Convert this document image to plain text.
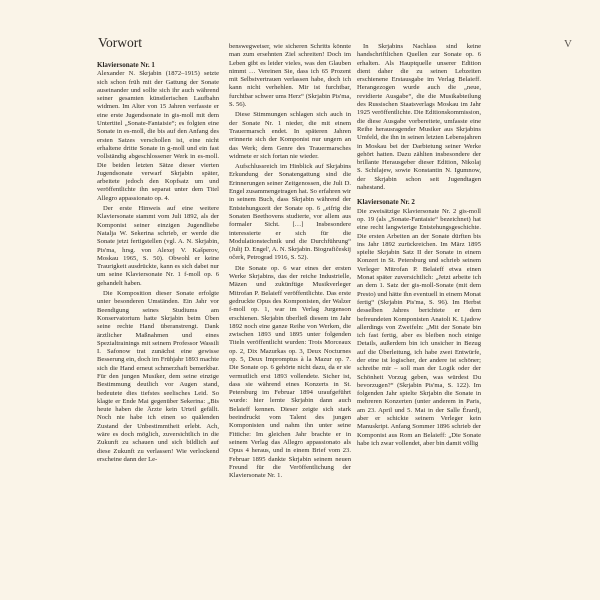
V
Vorwort
Klaviersonate Nr. 1

Alexander N. Skrjabin (1872–1915) setzte sich schon früh mit der Gattung der Sonate auseinander und sollte sich ihr auch während seiner gesamten künstlerischen Laufbahn widmen. Im Alter von 15 Jahren verfasste er eine erste Jugendsonate in gis-moll mit dem Untertitel „Sonate-Fantaisie“; es folgten eine Sonate in es-moll, die bis auf den Anfang des ersten Satzes verschollen ist, eine nicht erhaltene dritte Sonate in g-moll und ein fast vollständig abgeschlossener Werk in es-moll. Die beiden letzten Sätze dieser vierten Jugendsonate verwarf Skrjabin später, arbeitete jedoch den Kopfsatz um und veröffentlichte ihn separat unter dem Titel Allegro appassionato op. 4.

Der erste Hinweis auf eine weitere Klaviersonate stammt vom Juli 1892, als der Komponist seiner einzigen Jugendliebe Natalja W. Sekerina schrieb, er werde die Sonate jetzt fertigstellen (vgl. A. N. Skrjabin, Pis'ma, hrsg. von Alexej V. Kašperov, Moskau 1965, S. 50). Obwohl er keine Traurigkeit ausdrückte, kann es sich dabei nur um seine Klaviersonate Nr. 1 f-moll op. 6 gehandelt haben.

Die Komposition dieser Sonate erfolgte unter besonderen Umständen. Ein Jahr vor Beendigung seines Studiums am Konservatorium hatte Skrjabin beim Üben seine rechte Hand überanstrengt. Dank ärztlicher Maßnahmen und eines Spezialtrainings mit seinem Professor Wassili I. Safonow trat zunächst eine gewisse Besserung ein, doch im Frühjahr 1893 machte sich die Hand erneut schmerzhaft bemerkbar. Für den jungen Musiker, dem seine einzige Bestimmung deutlich vor Augen stand, bedeutete dies tiefstes seelisches Leid. So klagte er Ende Mai gegenüber Sekerina: „Bis heute haben die Ärzte kein Urteil gefällt. Noch nie habe ich einen so quälenden Zustand der Unbestimmtheit erlebt. Ach, wäre es doch möglich, zuversichtlich in die Zukunft zu schauen und sich bildlich auf diese Zukunft zu verlassen! Wie verlockend erscheine dann der Le-

benswegweiser, wie sicheren Schritts könnte man zum ersehnten Ziel schreiten! Doch im Leben gibt es leider vieles, was den Glauben nimmt … Vereinen Sie, dass ich 65 Prozent mit Selbstvertrauen verlassen habe, doch ich kann nicht verhehlen. Mir ist furchtbar, furchtbar schwer ums Herz“ (Skrjabin Pis'ma, S. 56).

Diese Stimmungen schlagen sich auch in der Sonate Nr. 1 nieder, die mit einem Trauermarsch endet. In späteren Jahren erinnerte sich der Komponist nur ungern an das Werk; dem Genre des Trauermarsches widmete er sich fortan nie wieder.

Aufschlussreich im Hinblick auf Skrjabins Erkundung der Sonatengattung sind die Erinnerungen seiner Zeitgenossen, die Juli D. Engel zusammengetragen hat. So erfahren wir in seinem Buch, dass Skrjabin während der Entstehungszeit der Sonate op. 6 „eifrig die Sonaten Beethovens studierte, vor allem aus formaler Sicht. […] Insbesondere interessierte er sich für die Modulationstechnik und die Durchführung“ (Julij D. Engel', A. N. Skrjabin. Biografičeskij očerk, Petrograd 1916, S. 52).

Die Sonate op. 6 war eines der ersten Werke Skrjabins, das der reiche Industrielle, Mäzen und zukünftige Musikverleger Mitrofan P. Belaieff veröffentlichte. Das erste gedruckte Opus des Komponisten, der Walzer f-moll op. 1, war im Verlag Jurgenson erschienen. Skrjabin überließ diesem im Jahr 1892 noch eine ganze Reihe von Werken, die zwischen 1893 und 1895 unter folgenden Titeln veröffentlicht wurden: Trois Morceaux op. 2, Dix Mazurkas op. 3, Deux Nocturnes op. 5, Deux Impromptus à la Mazur op. 7. Die Sonate op. 6 gehörte nicht dazu, da er sie vermutlich erst 1893 vollendete. Sicher ist, dass sie während eines Konzerts in St. Petersburg im Februar 1894 uraufgeführt wurde: hier lernte Skrjabin dann auch Belaieff kennen. Dieser zeigte sich stark beeindruckt vom Talent des jungen Komponisten und nahm ihn unter seine Fittiche: Im gleichen Jahr brachte er in seinem Verlag das Allegro appassionato als Opus 4 heraus, und in einem Brief vom 23. Februar 1895 dankte Skrjabin seinem neuen Freund für die Veröffentlichung der Klaviersonate Nr. 1.

In Skrjabins Nachlass sind keine handschriftlichen Quellen zur Sonate op. 6 erhalten. Als Hauptquelle unserer Edition dient daher die zu seinen Lebzeiten erschienene Erstausgabe im Verlag Belaieff. Herangezogen wurde auch die „neue, revidierte Ausgabe“, die die Musikabteilung des Russischen Staatsverlags Moskau im Jahr 1925 veröffentlichte. Die Editionskommission, die diese Ausgabe vorbereitete, umfasste eine Reihe herausragender Musiker aus Skrjabins Umfeld, die ihn in seinen letzten Lebensjahren in Moskau bei der Darbietung seiner Werke gehört hatten. Dazu zählten insbesondere der brillante Herausgeber dieser Edition, Nikolaj S. Schilajew, sowie Konstantin N. Igumnow, der Skrjabin schon seit Jugendtagen nahestand.

Klaviersonate Nr. 2

Die zweisätzige Klaviersonate Nr. 2 gis-moll op. 19 (als „Sonate-Fantaisie“ bezeichnet) hat eine recht langwierige Entstehungsgeschichte. Die ersten Arbeiten an der Sonate dürften bis ins Jahr 1892 zurückreichen. Im März 1895 spielte Skrjabin Satz II der Sonate in einem Konzert in St. Petersburg und schrieb seinem Verleger Mitrofan P. Belaieff etwa einen Monat später zuversichtlich: „Jetzt arbeite ich an dem 1. Satz der gis-moll-Sonate (mit dem Presto) und hätte ihn eventuell in einem Monat fertig“ (Skrjabin Pis'ma, S. 96). Im Herbst desselben Jahres berichtete er dem befreundeten Komponisten Anatoli K. Ljadow allerdings von Zweifeln: „Mit der Sonate bin ich fast fertig, aber es bleiben noch einige Details, außerdem bin ich unsicher in Bezug auf die Überleitung, ich habe zwei Entwürfe, der eine ist logischer, der andere ist schöner; schreibe mir – soll man der Logik oder der Schönheit Vorzug geben, was würdest Du bevorzugen?“ (Skrjabin Pis'ma, S. 122). Im folgenden Jahr spielte Skrjabin die Sonate in mehreren Konzerten (unter anderem in Paris, am 23. April und 5. Mai in der Salle Érard), aber er schickte seinem Verleger kein Manuskript. Anfang Sommer 1896 schrieb der Komponist aus Rom an Belaieff: „Die Sonate habe ich zwar vollendet, aber bin damit völlig
